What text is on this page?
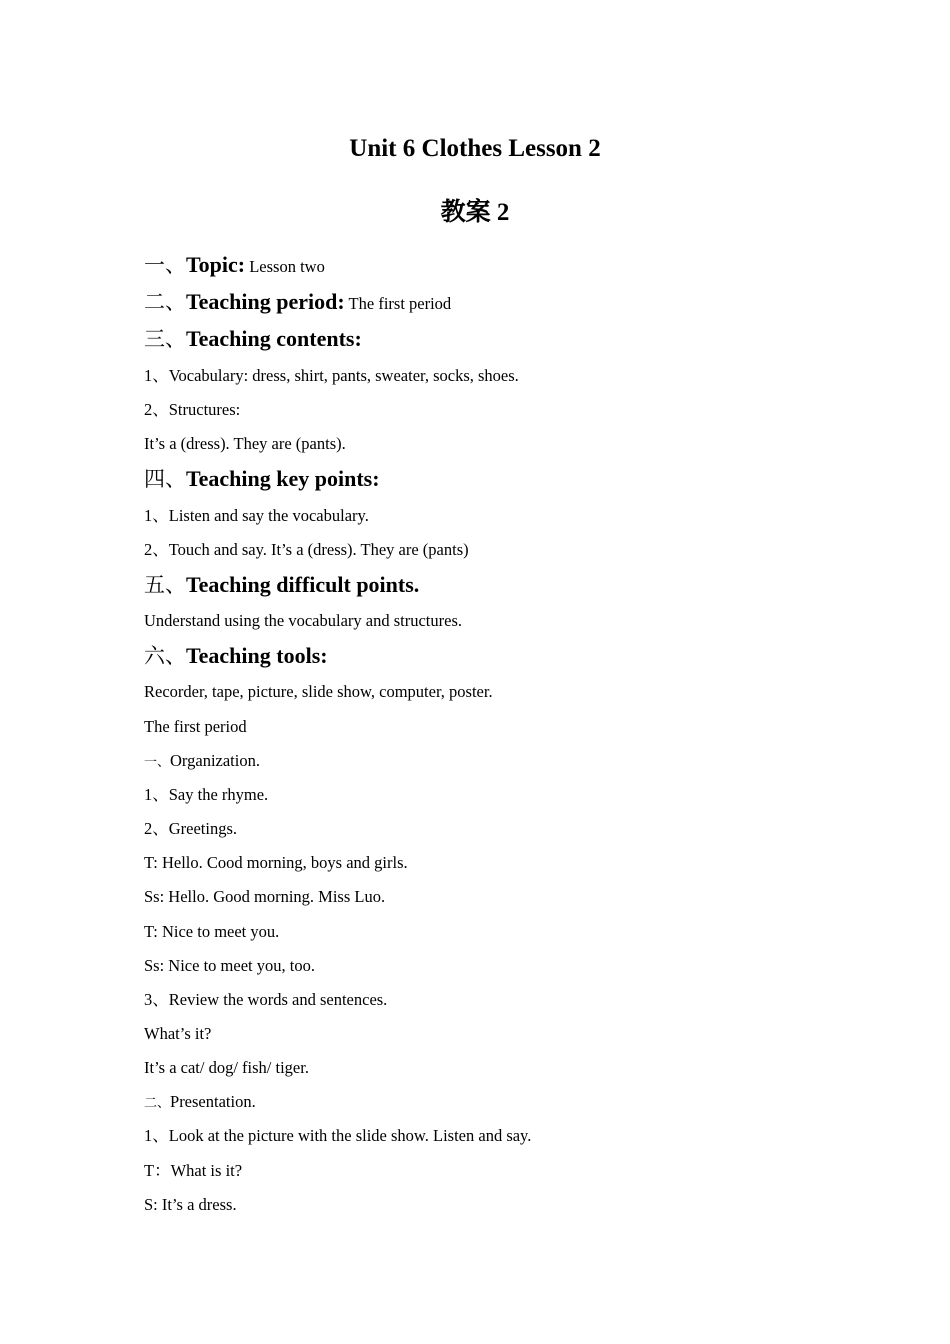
Unit 6 Clothes Lesson 2
教案 2
一、Topic: Lesson two
二、Teaching period: The first period
三、Teaching contents:

1、Vocabulary: dress, shirt, pants, sweater, socks, shoes.

2、Structures:

It’s a (dress). They are (pants).

四、Teaching key points:

1、Listen and say the vocabulary.

2、Touch and say. It’s a (dress). They are (pants)

五、Teaching difficult points.

Understand using the vocabulary and structures.

六、Teaching tools:

Recorder, tape, picture, slide show, computer, poster.

The first period

一、Organization.

1、Say the rhyme.

2、Greetings.

T: Hello. Cood morning, boys and girls.

Ss: Hello. Good morning. Miss Luo.

T: Nice to meet you.

Ss: Nice to meet you, too.

3、Review the words and sentences.

What’s it?

It’s a cat/ dog/ fish/ tiger.

二、Presentation.

1、Look at the picture with the slide show. Listen and say.

T：What is it?

S: It’s a dress.
